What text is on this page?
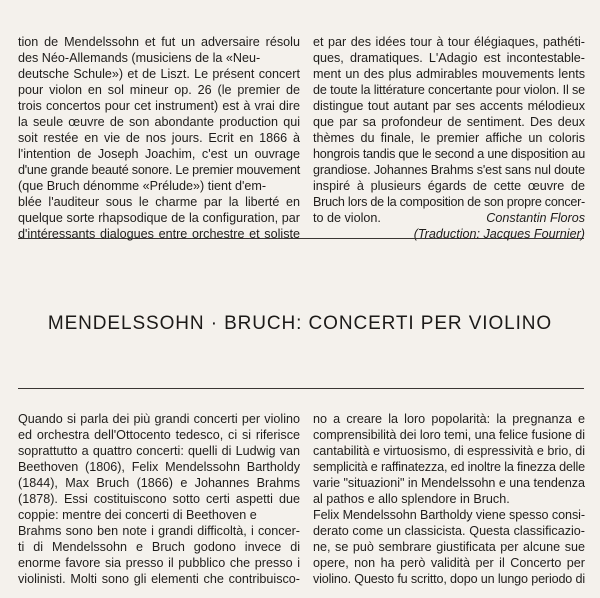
tion de Mendelssohn et fut un adversaire résolu
des Néo-Allemands (musiciens de la «Neu-
deutsche Schule») et de Liszt. Le présent concert
pour violon en sol mineur op. 26 (le premier de
trois concertos pour cet instrument) est à vrai dire
la seule œuvre de son abondante production qui
soit restée en vie de nos jours. Ecrit en 1866 à
l'intention de Joseph Joachim, c'est un ouvrage
d'une grande beauté sonore. Le premier mouvement
(que Bruch dénomme «Prélude») tient d'em-
blée l'auditeur sous le charme par la liberté en
quelque sorte rhapsodique de la configuration, par
d'intéressants dialogues entre orchestre et soliste
et par des idées tour à tour élégiaques, pathéti-
ques, dramatiques. L'Adagio est incontestable-
ment un des plus admirables mouvements lents
de toute la littérature concertante pour violon. Il se
distingue tout autant par ses accents mélodieux
que par sa profondeur de sentiment. Des deux
thèmes du finale, le premier affiche un coloris
hongrois tandis que le second a une disposition au
grandiose. Johannes Brahms s'est sans nul doute
inspiré à plusieurs égards de cette œuvre de
Bruch lors de la composition de son propre concer-
to de violon.	Constantin Floros
(Traduction: Jacques Fournier)
MENDELSSOHN · BRUCH: CONCERTI PER VIOLINO
Quando si parla dei più grandi concerti per violino
ed orchestra dell'Ottocento tedesco, ci si riferisce
soprattutto a quattro concerti: quelli di Ludwig van
Beethoven (1806), Felix Mendelssohn Bartholdy
(1844), Max Bruch (1866) e Johannes Brahms
(1878). Essi costituiscono sotto certi aspetti due
coppie: mentre dei concerti di Beethoven e
Brahms sono ben note i grandi difficoltà, i concer-
ti di Mendelssohn e Bruch godono invece di
enorme favore sia presso il pubblico che presso i
violinisti. Molti sono gli elementi che contribuisco-
no a creare la loro popolarità: la pregnanza e
comprensibilità dei loro temi, una felice fusione di
cantabilità e virtuosismo, di espressività e brio, di
semplicità e raffinatezza, ed inoltre la finezza delle
varie "situazioni" in Mendelssohn e una tendenza
al pathos e allo splendore in Bruch.
Felix Mendelssohn Bartholdy viene spesso consi-
derato come un classicista. Questa classificazio-
ne, se può sembrare giustificata per alcune sue
opere, non ha però validità per il Concerto per
violino. Questo fu scritto, dopo un lungo periodo di
